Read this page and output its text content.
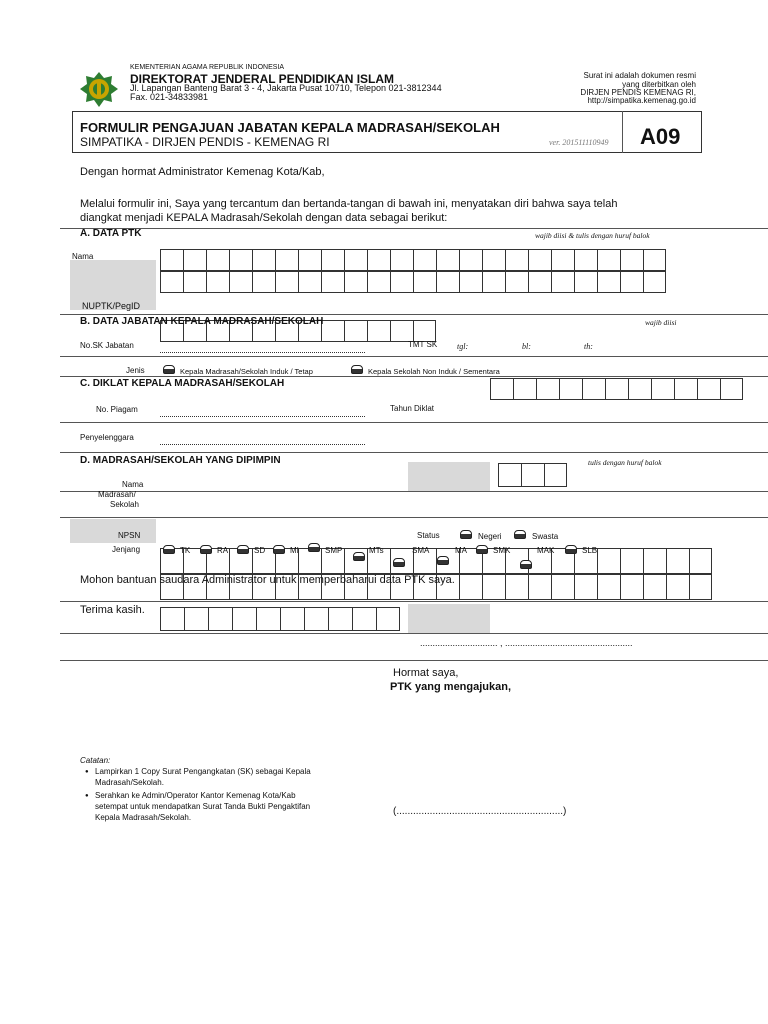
KEMENTERIAN AGAMA REPUBLIK INDONESIA
DIREKTORAT JENDERAL PENDIDIKAN ISLAM
Jl. Lapangan Banteng Barat 3 - 4, Jakarta Pusat 10710, Telepon 021-3812344
Fax. 021-34833981
Surat ini adalah dokumen resmi
yang diterbitkan oleh
DIRJEN PENDIS KEMENAG RI,
http://simpatika.kemenag.go.id
FORMULIR PENGAJUAN JABATAN KEPALA MADRASAH/SEKOLAH
SIMPATIKA - DIRJEN PENDIS - KEMENAG RI	ver. 201511110949 A09
Dengan hormat Administrator Kemenag Kota/Kab,
Melalui formulir ini, Saya yang tercantum dan bertanda-tangan di bawah ini, menyatakan diri bahwa saya telah
diangkat menjadi KEPALA Madrasah/Sekolah dengan data sebagai berikut:
A. DATA PTK	wajib diisi & tulis dengan huruf balok
Nama
NUPTK/PegID
B. DATA JABATAN KEPALA MADRASAH/SEKOLAH	wajib diisi
No.SK Jabatan	TMT SK tgl:	bl:	th:
Jenis	Kepala Madrasah/Sekolah Induk / Tetap	Kepala Sekolah Non Induk / Sementara
C. DIKLAT KEPALA MADRASAH/SEKOLAH
No. Piagam	Tahun Diklat
Penyelenggara
D. MADRASAH/SEKOLAH YANG DIPIMPIN	tulis dengan huruf balok
Nama
Madrasah/
Sekolah
NPSN	Status	Negeri	Swasta
Jenjang	TK	RA	SD	MI	SMP	MTs	SMA	MA	SMK	MAK	SLB
Mohon bantuan saudara Administrator untuk memperbaharui data PTK saya.
Terima kasih.
............................... , ...................................................
Hormat saya,
PTK yang mengajukan,
(............................................................)
Catatan:
● Lampirkan 1 Copy Surat Pengangkatan (SK) sebagai Kepala
Madrasah/Sekolah.
● Serahkan ke Admin/Operator Kantor Kemenag Kota/Kab
setempat untuk mendapatkan Surat Tanda Bukti Pengaktifan
Kepala Madrasah/Sekolah.
